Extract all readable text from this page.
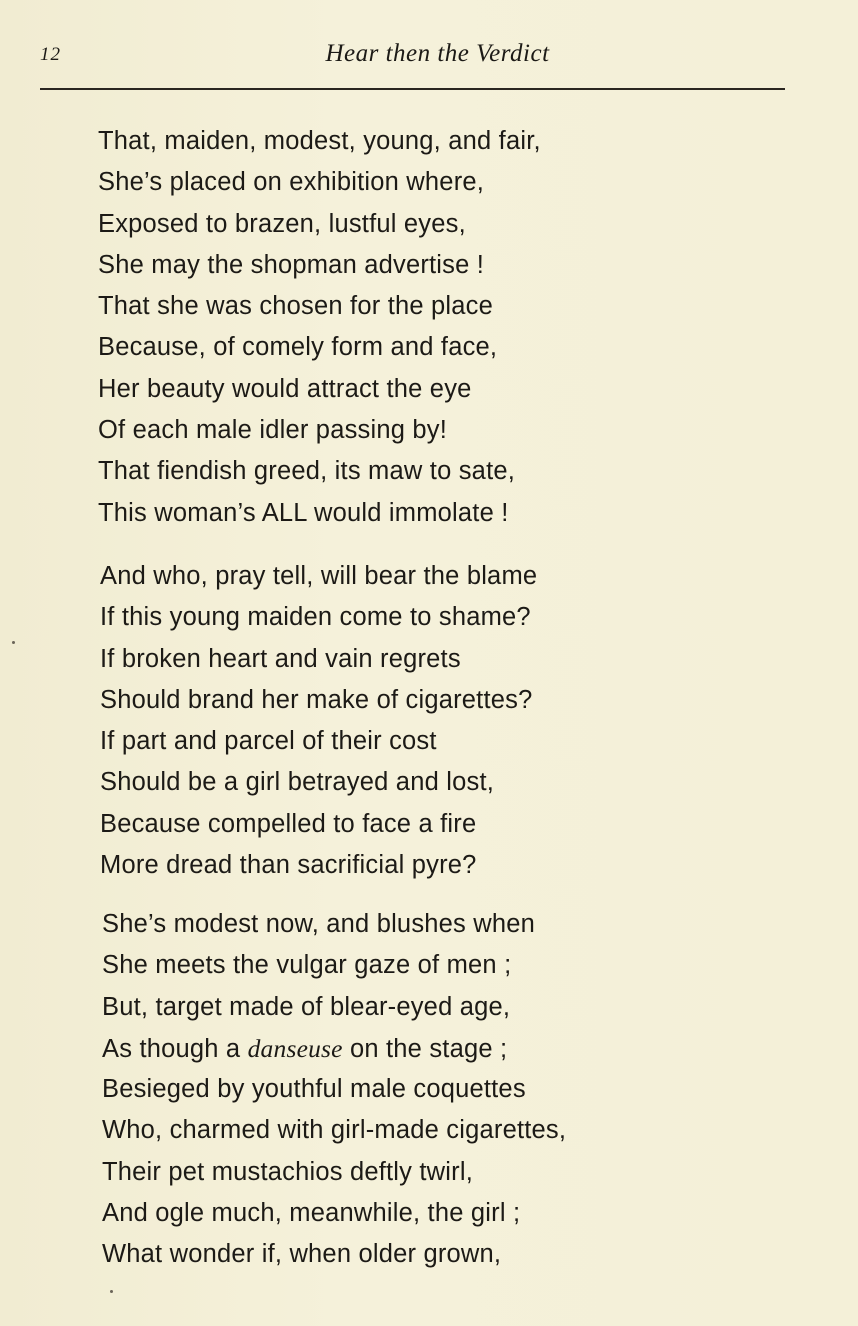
12	Hear then the Verdict
That, maiden, modest, young, and fair,
She’s placed on exhibition where,
Exposed to brazen, lustful eyes,
She may the shopman advertise !
That she was chosen for the place
Because, of comely form and face,
Her beauty would attract the eye
Of each male idler passing by!
That fiendish greed, its maw to sate,
This woman’s ALL would immolate !
And who, pray tell, will bear the blame
If this young maiden come to shame?
If broken heart and vain regrets
Should brand her make of cigarettes?
If part and parcel of their cost
Should be a girl betrayed and lost,
Because compelled to face a fire
More dread than sacrificial pyre?
She’s modest now, and blushes when
She meets the vulgar gaze of men ;
But, target made of blear-eyed age,
As though a danseuse on the stage ;
Besieged by youthful male coquettes
Who, charmed with girl-made cigarettes,
Their pet mustachios deftly twirl,
And ogle much, meanwhile, the girl ;
What wonder if, when older grown,
